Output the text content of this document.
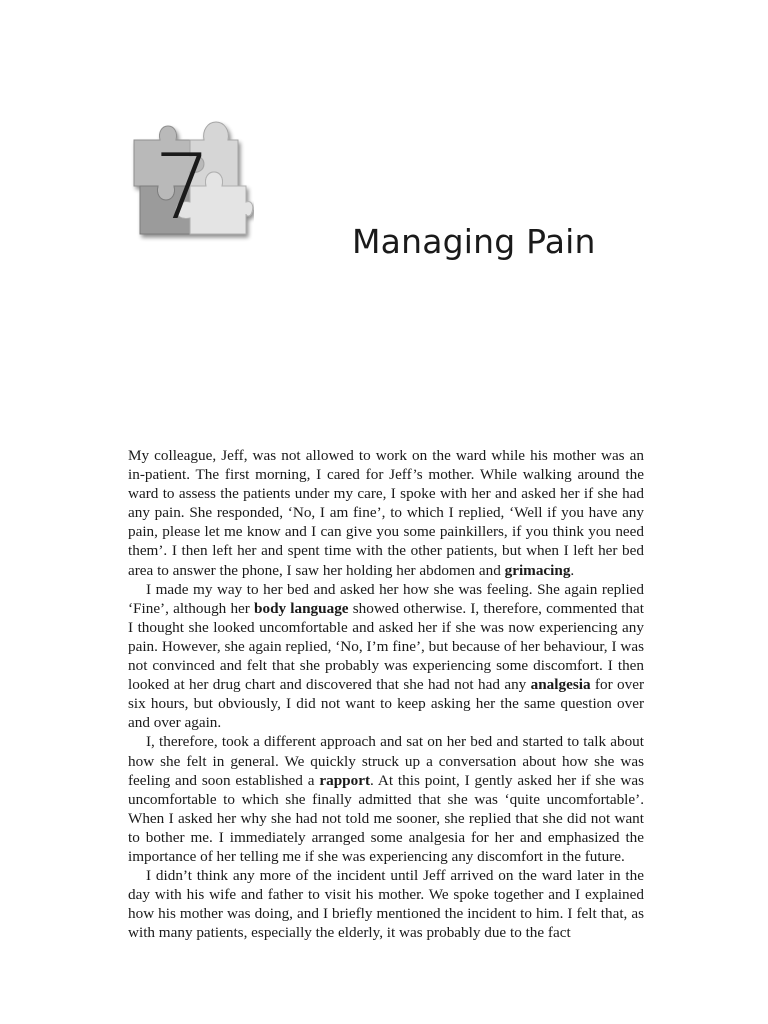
7
Managing Pain

My colleague, Jeff, was not allowed to work on the ward while his mother was an in-patient. The first morning, I cared for Jeff’s mother. While walking around the ward to assess the patients under my care, I spoke with her and asked her if she had any pain. She responded, ‘No, I am fine’, to which I replied, ‘Well if you have any pain, please let me know and I can give you some painkillers, if you think you need them’. I then left her and spent time with the other patients, but when I left her bed area to answer the phone, I saw her holding her abdomen and grimacing.

I made my way to her bed and asked her how she was feeling. She again replied ‘Fine’, although her body language showed otherwise. I, therefore, commented that I thought she looked uncomfortable and asked her if she was now experiencing any pain. However, she again replied, ‘No, I’m fine’, but because of her behaviour, I was not convinced and felt that she probably was experiencing some discomfort. I then looked at her drug chart and discovered that she had not had any analgesia for over six hours, but obviously, I did not want to keep asking her the same question over and over again.

I, therefore, took a different approach and sat on her bed and started to talk about how she felt in general. We quickly struck up a conversation about how she was feeling and soon established a rapport. At this point, I gently asked her if she was uncomfortable to which she finally admitted that she was ‘quite uncomfortable’. When I asked her why she had not told me sooner, she replied that she did not want to bother me. I immediately arranged some analgesia for her and emphasized the importance of her telling me if she was experiencing any discomfort in the future.

I didn’t think any more of the incident until Jeff arrived on the ward later in the day with his wife and father to visit his mother. We spoke together and I explained how his mother was doing, and I briefly mentioned the incident to him. I felt that, as with many patients, especially the elderly, it was probably due to the fact
